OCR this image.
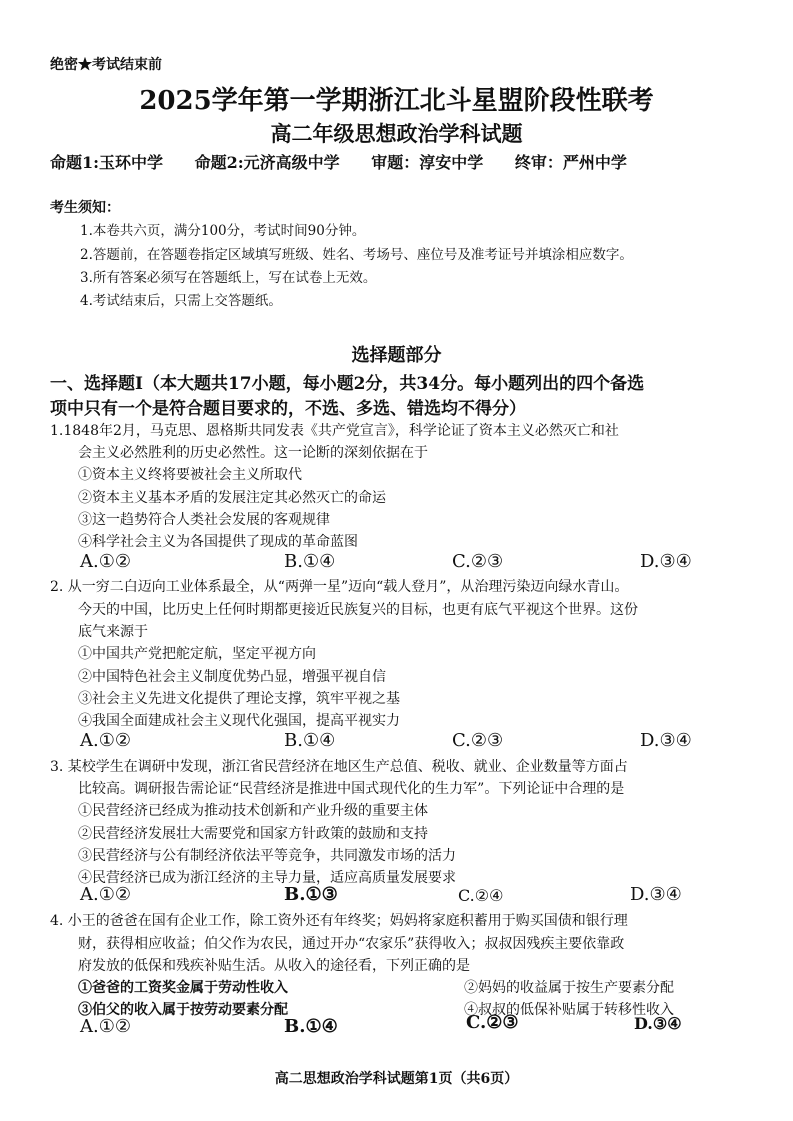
绝密★考试结束前
2025学年第一学期浙江北斗星盟阶段性联考
高二年级思想政治学科试题
命题1:玉环中学 命题2:元济高级中学 审题：淳安中学 终审：严州中学
考生须知：
1.本卷共六页，满分100分，考试时间90分钟。
2.答题前，在答题卷指定区域填写班级、姓名、考场号、座位号及准考证号并填涂相应数字。
3.所有答案必须写在答题纸上，写在试卷上无效。
4.考试结束后，只需上交答题纸。
选择题部分
一、选择题Ⅰ（本大题共17小题，每小题2分，共34分。每小题列出的四个备选
项中只有一个是符合题目要求的，不选、多选、错选均不得分）
1.1848年2月，马克思、恩格斯共同发表《共产党宣言》，科学论证了资本主义必然灭亡和社
会主义必然胜利的历史必然性。这一论断的深刻依据在于
①资本主义终将要被社会主义所取代
②资本主义基本矛盾的发展注定其必然灭亡的命运
③这一趋势符合人类社会发展的客观规律
④科学社会主义为各国提供了现成的革命蓝图
A.①②	B.①④	C.②③	D.③④
2. 从一穷二白迈向工业体系最全，从“两弹一星”迈向“载人登月”，从治理污染迈向绿水青山。
今天的中国，比历史上任何时期都更接近民族复兴的目标，也更有底气平视这个世界。这份
底气来源于
①中国共产党把舵定航，坚定平视方向
②中国特色社会主义制度优势凸显，增强平视自信
③社会主义先进文化提供了理论支撑，筑牢平视之基
④我国全面建成社会主义现代化强国，提高平视实力
A.①②	B.①④	C.②③	D.③④
3. 某校学生在调研中发现，浙江省民营经济在地区生产总值、税收、就业、企业数量等方面占
比较高。调研报告需论证“民营经济是推进中国式现代化的生力军”。下列论证中合理的是
①民营经济已经成为推动技术创新和产业升级的重要主体
②民营经济发展壮大需要党和国家方针政策的鼓励和支持
③民营经济与公有制经济依法平等竞争，共同激发市场的活力
④民营经济已成为浙江经济的主导力量，适应高质量发展要求
A.①②	B.①③	C.②④	D.③④
4. 小王的爸爸在国有企业工作，除工资外还有年终奖；妈妈将家庭积蓄用于购买国债和银行理
财，获得相应收益；伯父作为农民，通过开办“农家乐”获得收入；叔叔因残疾主要依靠政
府发放的低保和残疾补贴生活。从收入的途径看，下列正确的是
①爸爸的工资奖金属于劳动性收入	②妈妈的收益属于按生产要素分配
③伯父的收入属于按劳动要素分配	④叔叔的低保补贴属于转移性收入
A.①②	B.①④	C.②③	D.③④
高二思想政治学科试题第1页（共6页）
